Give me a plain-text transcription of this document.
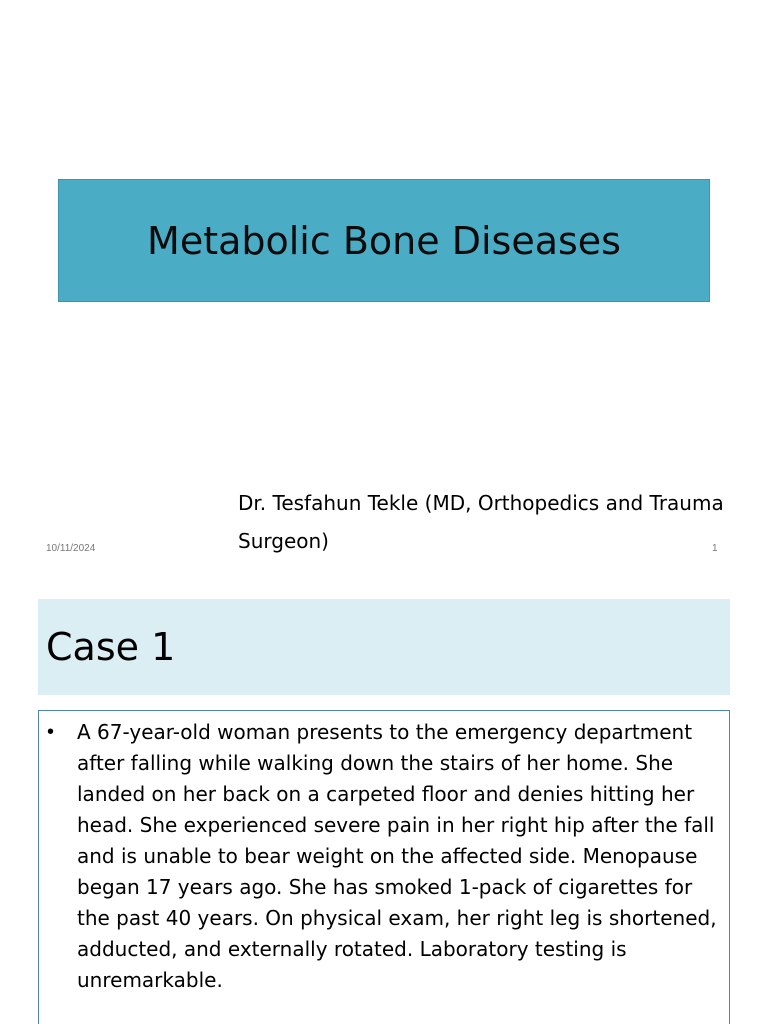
Metabolic Bone Diseases
Dr. Tesfahun Tekle (MD, Orthopedics and Trauma Surgeon)
10/11/2024	1
Case 1
•	A 67-year-old woman presents to the emergency department after falling while walking down the stairs of her home. She landed on her back on a carpeted floor and denies hitting her head. She experienced severe pain in her right hip after the fall and is unable to bear weight on the affected side. Menopause began 17 years ago. She has smoked 1-pack of cigarettes for the past 40 years. On physical exam, her right leg is shortened, adducted, and externally rotated. Laboratory testing is unremarkable.
